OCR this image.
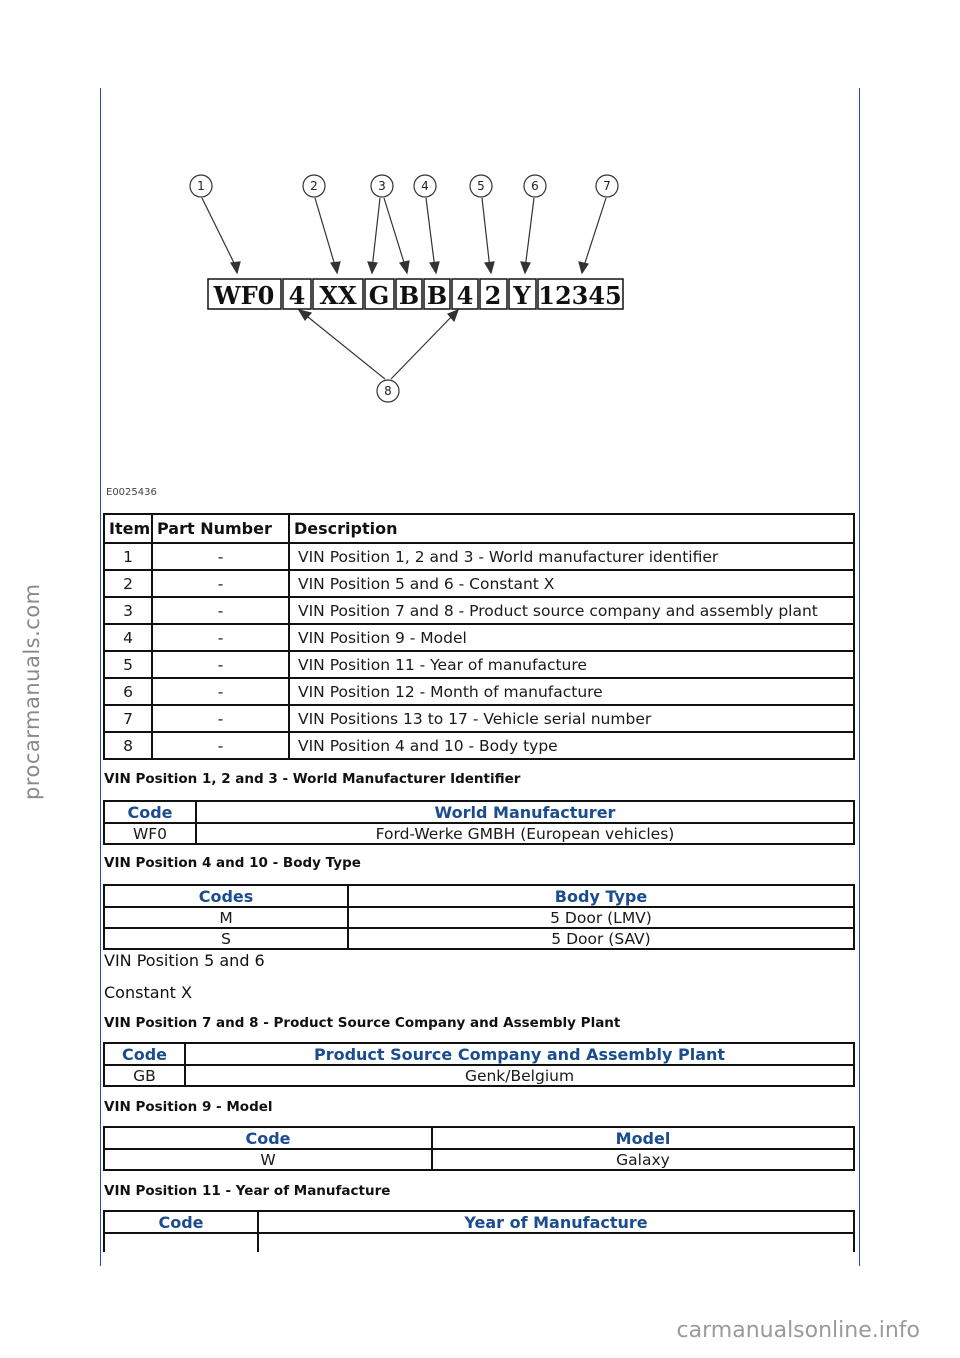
procarmanuals.com
carmanualsonline.info
1	2	3	4	5	6	7
8
WF0 4 XX G B B 4 2 Y 12345
E0025436
Item	Part Number	Description
1	-	VIN Position 1, 2 and 3 - World manufacturer identifier
2	-	VIN Position 5 and 6 - Constant X
3	-	VIN Position 7 and 8 - Product source company and assembly plant
4	-	VIN Position 9 - Model
5	-	VIN Position 11 - Year of manufacture
6	-	VIN Position 12 - Month of manufacture
7	-	VIN Positions 13 to 17 - Vehicle serial number
8	-	VIN Position 4 and 10 - Body type
VIN Position 1, 2 and 3 - World Manufacturer Identifier
Code	World Manufacturer
WF0	Ford-Werke GMBH (European vehicles)
VIN Position 4 and 10 - Body Type
Codes	Body Type
M	5 Door (LMV)
S	5 Door (SAV)
VIN Position 5 and 6
Constant X
VIN Position 7 and 8 - Product Source Company and Assembly Plant
Code	Product Source Company and Assembly Plant
GB	Genk/Belgium
VIN Position 9 - Model
Code	Model
W	Galaxy
VIN Position 11 - Year of Manufacture
Code	Year of Manufacture
